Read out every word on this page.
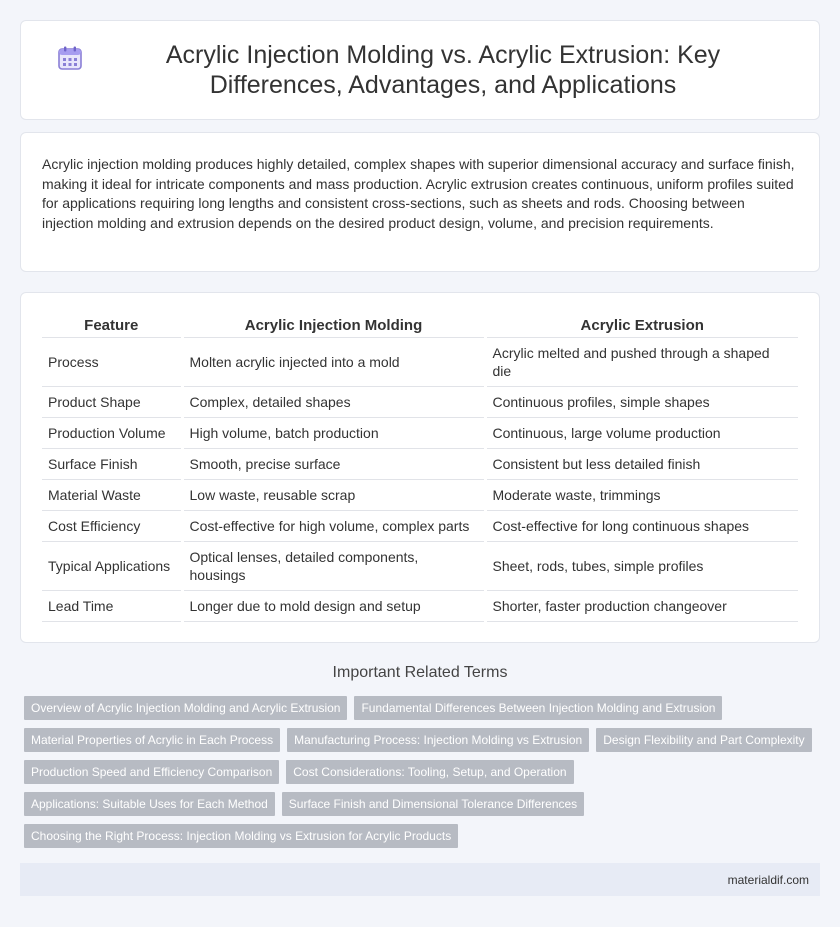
Acrylic Injection Molding vs. Acrylic Extrusion: Key Differences, Advantages, and Applications

Acrylic injection molding produces highly detailed, complex shapes with superior dimensional accuracy and surface finish, making it ideal for intricate components and mass production. Acrylic extrusion creates continuous, uniform profiles suited for applications requiring long lengths and consistent cross-sections, such as sheets and rods. Choosing between injection molding and extrusion depends on the desired product design, volume, and precision requirements.

Feature	Acrylic Injection Molding	Acrylic Extrusion
Process	Molten acrylic injected into a mold	Acrylic melted and pushed through a shaped die
Product Shape	Complex, detailed shapes	Continuous profiles, simple shapes
Production Volume	High volume, batch production	Continuous, large volume production
Surface Finish	Smooth, precise surface	Consistent but less detailed finish
Material Waste	Low waste, reusable scrap	Moderate waste, trimmings
Cost Efficiency	Cost-effective for high volume, complex parts	Cost-effective for long continuous shapes
Typical Applications	Optical lenses, detailed components, housings	Sheet, rods, tubes, simple profiles
Lead Time	Longer due to mold design and setup	Shorter, faster production changeover
Important Related Terms
Overview of Acrylic Injection Molding and Acrylic Extrusion	Fundamental Differences Between Injection Molding and Extrusion
Material Properties of Acrylic in Each Process	Manufacturing Process: Injection Molding vs Extrusion	Design Flexibility and Part Complexity
Production Speed and Efficiency Comparison	Cost Considerations: Tooling, Setup, and Operation
Applications: Suitable Uses for Each Method	Surface Finish and Dimensional Tolerance Differences
Choosing the Right Process: Injection Molding vs Extrusion for Acrylic Products
materialdif.com
